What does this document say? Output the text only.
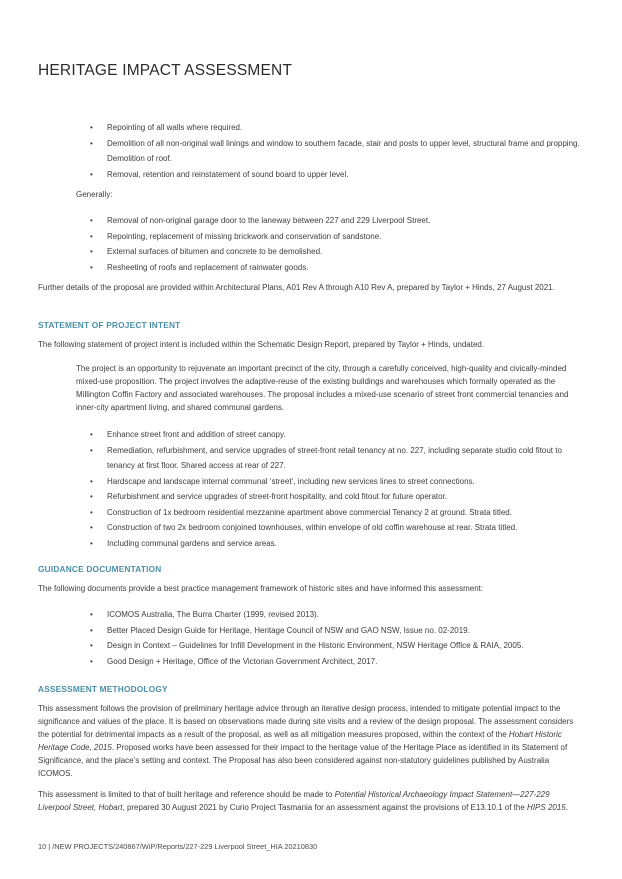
HERITAGE IMPACT ASSESSMENT
• Repointing of all walls where required.
• Demolition of all non-original wall linings and window to southern facade, stair and posts to upper level, structural frame and propping. Demolition of roof.
• Removal, retention and reinstatement of sound board to upper level.

Generally:

• Removal of non-original garage door to the laneway between 227 and 229 Liverpool Street.
• Repointing, replacement of missing brickwork and conservation of sandstone.
• External surfaces of bitumen and concrete to be demolished.
• Resheeting of roofs and replacement of rainwater goods.

Further details of the proposal are provided within Architectural Plans, A01 Rev A through A10 Rev A, prepared by Taylor + Hinds, 27 August 2021.

STATEMENT OF PROJECT INTENT

The following statement of project intent is included within the Schematic Design Report, prepared by Taylor + Hinds, undated.

The project is an opportunity to rejuvenate an important precinct of the city, through a carefully conceived, high-quality and civically-minded mixed-use proposition. The project involves the adaptive-reuse of the existing buildings and warehouses which formally operated as the Millington Coffin Factory and associated warehouses. The proposal includes a mixed-use scenario of street front commercial tenancies and inner-city apartment living, and shared communal gardens.

• Enhance street front and addition of street canopy.
• Remediation, refurbishment, and service upgrades of street-front retail tenancy at no. 227, including separate studio cold fitout to tenancy at first floor. Shared access at rear of 227.
• Hardscape and landscape internal communal ‘street’, including new services lines to street connections.
• Refurbishment and service upgrades of street-front hospitality, and cold fitout for future operator.
• Construction of 1x bedroom residential mezzanine apartment above commercial Tenancy 2 at ground. Strata titled.
• Construction of two 2x bedroom conjoined townhouses, within envelope of old coffin warehouse at rear. Strata titled.
• Including communal gardens and service areas.
GUIDANCE DOCUMENTATION

The following documents provide a best practice management framework of historic sites and have informed this assessment:

• ICOMOS Australia, The Burra Charter (1999, revised 2013).
• Better Placed Design Guide for Heritage, Heritage Council of NSW and GAO NSW, Issue no. 02-2019.
• Design in Context – Guidelines for Infill Development in the Historic Environment, NSW Heritage Office & RAIA, 2005.
• Good Design + Heritage, Office of the Victorian Government Architect, 2017.
ASSESSMENT METHODOLOGY

This assessment follows the provision of preliminary heritage advice through an iterative design process, intended to mitigate potential impact to the significance and values of the place. It is based on observations made during site visits and a review of the design proposal. The assessment considers the potential for detrimental impacts as a result of the proposal, as well as all mitigation measures proposed, within the context of the Hobart Historic Heritage Code, 2015. Proposed works have been assessed for their impact to the heritage value of the Heritage Place as identified in its Statement of Significance, and the place’s setting and context. The Proposal has also been considered against non-statutory guidelines published by Australia ICOMOS.

This assessment is limited to that of built heritage and reference should be made to Potential Historical Archaeology Impact Statement—227-229 Liverpool Street, Hobart, prepared 30 August 2021 by Curio Project Tasmania for an assessment against the provisions of E13.10.1 of the HIPS 2015.

10 | /NEW PROJECTS/240867/WiP/Reports/227-229 Liverpool Street_HIA 20210830
